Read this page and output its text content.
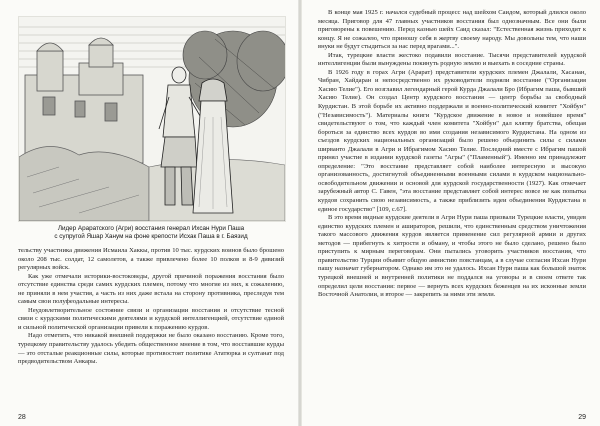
Лидер Араратского (Агри) восстания генерал Ихсан Нури Паша
с супругой Яшар Ханум на фоне крепости Исхак Паша в г. Баязид

тельству участника движения Исмаила Хаккы, против 10 тыс. курдских воинов было брошено около 208 тыс. солдат, 12 самолетов, а также привлечено более 10 полков и 8-9 дивизий регулярных войск.

Как уже отмечали историки-востоковеды, другой причиной поражения восстания было отсутствие единства среди самих курдских племен, потому что многие из них, к сожалению, не приняли в нем участия, а часть из них даже встала на сторону противника, преследуя тем самым свои полуфеодальные интересы.

Неудовлетворительное состояние связи и организации восстания и отсутствие тесной связи с курдскими политическими деятелями и курдской интеллигенцией, отсутствие единой и сильной политической организации привели к поражению курдов.

Надо отметить, что никакой внешней поддержки не было оказано восстанию. Кроме того, турецкому правительству удалось убедить общественное мнение в том, что восставшие курды — это отсталые реакционные силы, которые противостоят политике Ататюрка и султанат под предводительством Анкары.

28

В конце мая 1925 г. начался судебный процесс над шейхом Саидом, который длился около месяца. Приговор для 47 главных участников восстания был однозначным. Все они были приговорены к повешению. Перед казнью шейх Саид сказал: "Естественная жизнь приходит к концу. Я не сожалею, что приношу себя в жертву своему народу. Мы довольны тем, что наши внуки не будут стыдиться за нас перед врагами...".

Итак, турецкие власти жестоко подавили восстание. Тысячи представителей курдской интеллигенции были вынуждены покинуть родную землю и выехать в соседние страны.

В 1926 году в горах Агри (Арарат) представители курдских племен Джалали, Хасанан, Чибран, Хайдаран и непосредственно их руководители подняли восстание ("Организация Хасию Телие"). Его возглавил легендарный герой Курда Джалали Бро (Ибрагим паша, бывший Хасию Телие). Он создал Центр курдского восстания — центр борьбы за свободный Курдистан. В этой борьбе их активно поддержали и военно-политический комитет "Хойбун" ("Независимость"). Материалы книги "Курдское движение в новое и новейшее время" свидетельствуют о том, что каждый член комитета "Хойбун" дал клятву братства, обещая бороться за единство всех курдов во имя создания независимого Курдистана. На одном из съездов курдских национальных организаций было решено объединить силы с силами ширванто Джалали в Агри и Ибрагимом Хасию Телие. Последний вместе с Ибрагим пашой принял участие в издании курдской газеты "Агры" ("Пламенный"). Именно им принадлежит определение: "Это восстание представляет собой наиболее интересную и высокую организованность, достигнутой объединенными военными силами в курдском национально-освободительном движении и основой для курдской государственности (1927). Как отмечает зарубежный автор С. Гавен, "эта восстание представляет собой интерес вовсе не как попытка курдов сохранить свою независимость, а также приблизить идеи объединения Курдистана в единое государство" [109, с.67].

В это время видные курдские деятели в Агри Нури паша призвали Турецкие власти, увидев единство курдских племен и ашираторов, решили, что единственным средством уничтожения такого массового движения курдов является применение сил регулярной армии и других методов — прибегнуть к хитрости и обману, и чтобы этого не было сделано, решено было приступить к мирным переговорам. Они пытались уговорить участников восстания, что правительство Турции объявит общую амнистию повстанцам, а в случае согласия Ихсан Нури пашу назначат губернатором. Однако им это не удалось. Ихсан Нури паша как большой знаток турецкой внешней и внутренней политики не поддался на уговоры и в своем ответе так определил цели восстания: первое — вернуть всех курдских беженцев на их исконные земли Восточной Анатолии, и второе — закрепить за ними эти земли.

29
